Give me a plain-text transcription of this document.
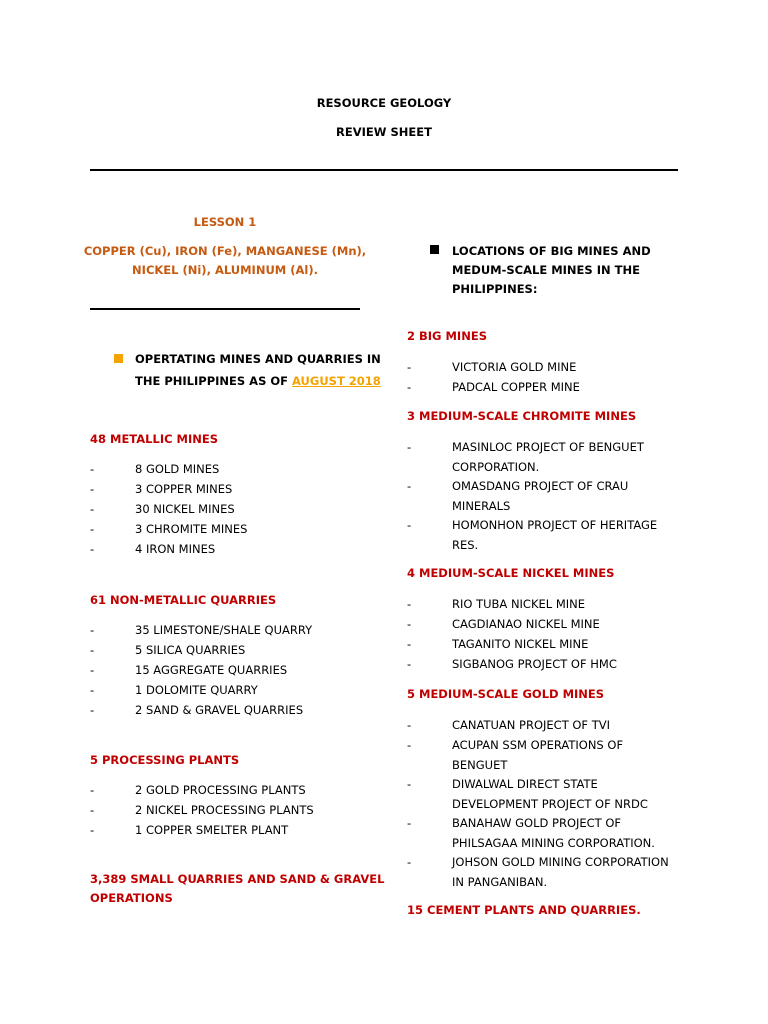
RESOURCE GEOLOGY
REVIEW SHEET
LESSON 1
COPPER (Cu), IRON (Fe), MANGANESE (Mn),
NICKEL (Ni), ALUMINUM (Al).
OPERTATING MINES AND QUARRIES IN
THE PHILIPPINES AS OF AUGUST 2018
48 METALLIC MINES
- 8 GOLD MINES
- 3 COPPER MINES
- 30 NICKEL MINES
- 3 CHROMITE MINES
- 4 IRON MINES
61 NON-METALLIC QUARRIES
- 35 LIMESTONE/SHALE QUARRY
- 5 SILICA QUARRIES
- 15 AGGREGATE QUARRIES
- 1 DOLOMITE QUARRY
- 2 SAND & GRAVEL QUARRIES
5 PROCESSING PLANTS
- 2 GOLD PROCESSING PLANTS
- 2 NICKEL PROCESSING PLANTS
- 1 COPPER SMELTER PLANT
3,389 SMALL QUARRIES AND SAND & GRAVEL
OPERATIONS
LOCATIONS OF BIG MINES AND
MEDUM-SCALE MINES IN THE
PHILIPPINES:
2 BIG MINES
- VICTORIA GOLD MINE
- PADCAL COPPER MINE
3 MEDIUM-SCALE CHROMITE MINES
- MASINLOC PROJECT OF BENGUET
CORPORATION.
- OMASDANG PROJECT OF CRAU
MINERALS
- HOMONHON PROJECT OF HERITAGE
RES.
4 MEDIUM-SCALE NICKEL MINES
- RIO TUBA NICKEL MINE
- CAGDIANAO NICKEL MINE
- TAGANITO NICKEL MINE
- SIGBANOG PROJECT OF HMC
5 MEDIUM-SCALE GOLD MINES
- CANATUAN PROJECT OF TVI
- ACUPAN SSM OPERATIONS OF
BENGUET
- DIWALWAL DIRECT STATE
DEVELOPMENT PROJECT OF NRDC
- BANAHAW GOLD PROJECT OF
PHILSAGAA MINING CORPORATION.
- JOHSON GOLD MINING CORPORATION
IN PANGANIBAN.
15 CEMENT PLANTS AND QUARRIES.
